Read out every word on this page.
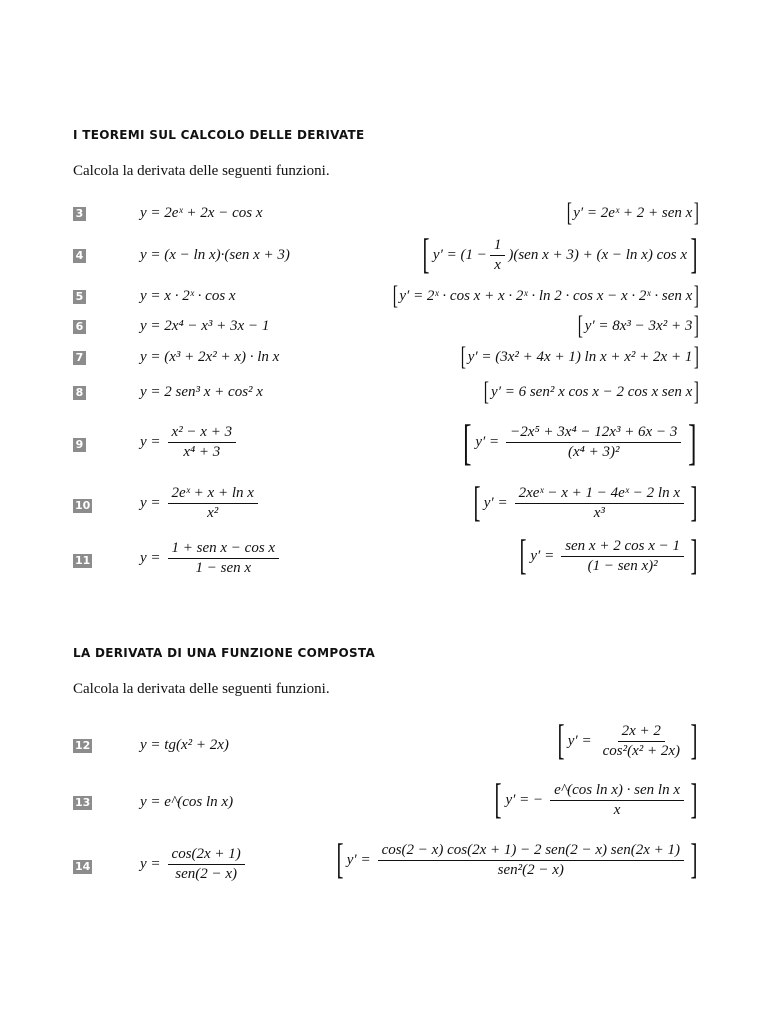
I TEOREMI SUL CALCOLO DELLE DERIVATE
Calcola la derivata delle seguenti funzioni.
3	y = 2eˣ + 2x − cos x	[ y′ = 2eˣ + 2 + sen x ]
4	y = (x − ln x)·(sen x + 3)	[ $y' = (1 - \frac{1}{x} )(sen$ x + 3) + (x − ln x) cos x ]
5	y = x · 2ˣ · cos x	[ y′ = 2ˣ · cos x + x · 2ˣ · ln 2 · cos x − x · 2ˣ · sen x ]
6	y = 2x⁴ − x³ + 3x − 1	[ y′ = 8x³ − 3x² + 3 ]
7	y = (x³ + 2x² + x) · ln x	[ y′ = (3x² + 4x + 1) ln x + x² + 2x + 1 ]
8	y = 2 sen³ x + cos² x	[ y′ = 6 sen² x cos x − 2 cos x sen x ]
9	$y = \frac{\text{x² − x + 3}}{\text{x⁴ + 3}}$	[ $y' = \frac{\text{−2x⁵ + 3x⁴ − 12x³ + 6x − 3}}{\text{(x⁴ + 3)²}}$ ]
10	$y = \frac{\text{2eˣ + x + ln x}}{\text{x²}}$	[ $y' = \frac{\text{2xeˣ − x + 1 − 4eˣ − 2 ln x}}{\text{x³}}$ ]
11	$y = \frac{\text{1 + sen x − cos x}}{\text{1 − sen x}}$	[ $y' = \frac{\text{sen x + 2 cos x − 1}}{\text{(1 − sen x)²}}$ ]
LA DERIVATA DI UNA FUNZIONE COMPOSTA
Calcola la derivata delle seguenti funzioni.
12	y = tg(x² + 2x)	[ $y' = \frac{2x + 2}{\text{cos²(x² + 2x)}}$ ]
13	y = e^(cos ln x)	[ y′ = − $\frac{\text{e\textasciicircum{}(cos ln x) · sen ln x}}{x}$ ]
14	$y = \frac{\cos(2x + 1)}{\text{sen(2 − x)}}$ [ $y' = \frac{\text{cos(2 − x) cos(2x + 1) − 2 sen(2 − x) sen(2x + 1)}}{\text{sen²(2 − x)}}$ ]
